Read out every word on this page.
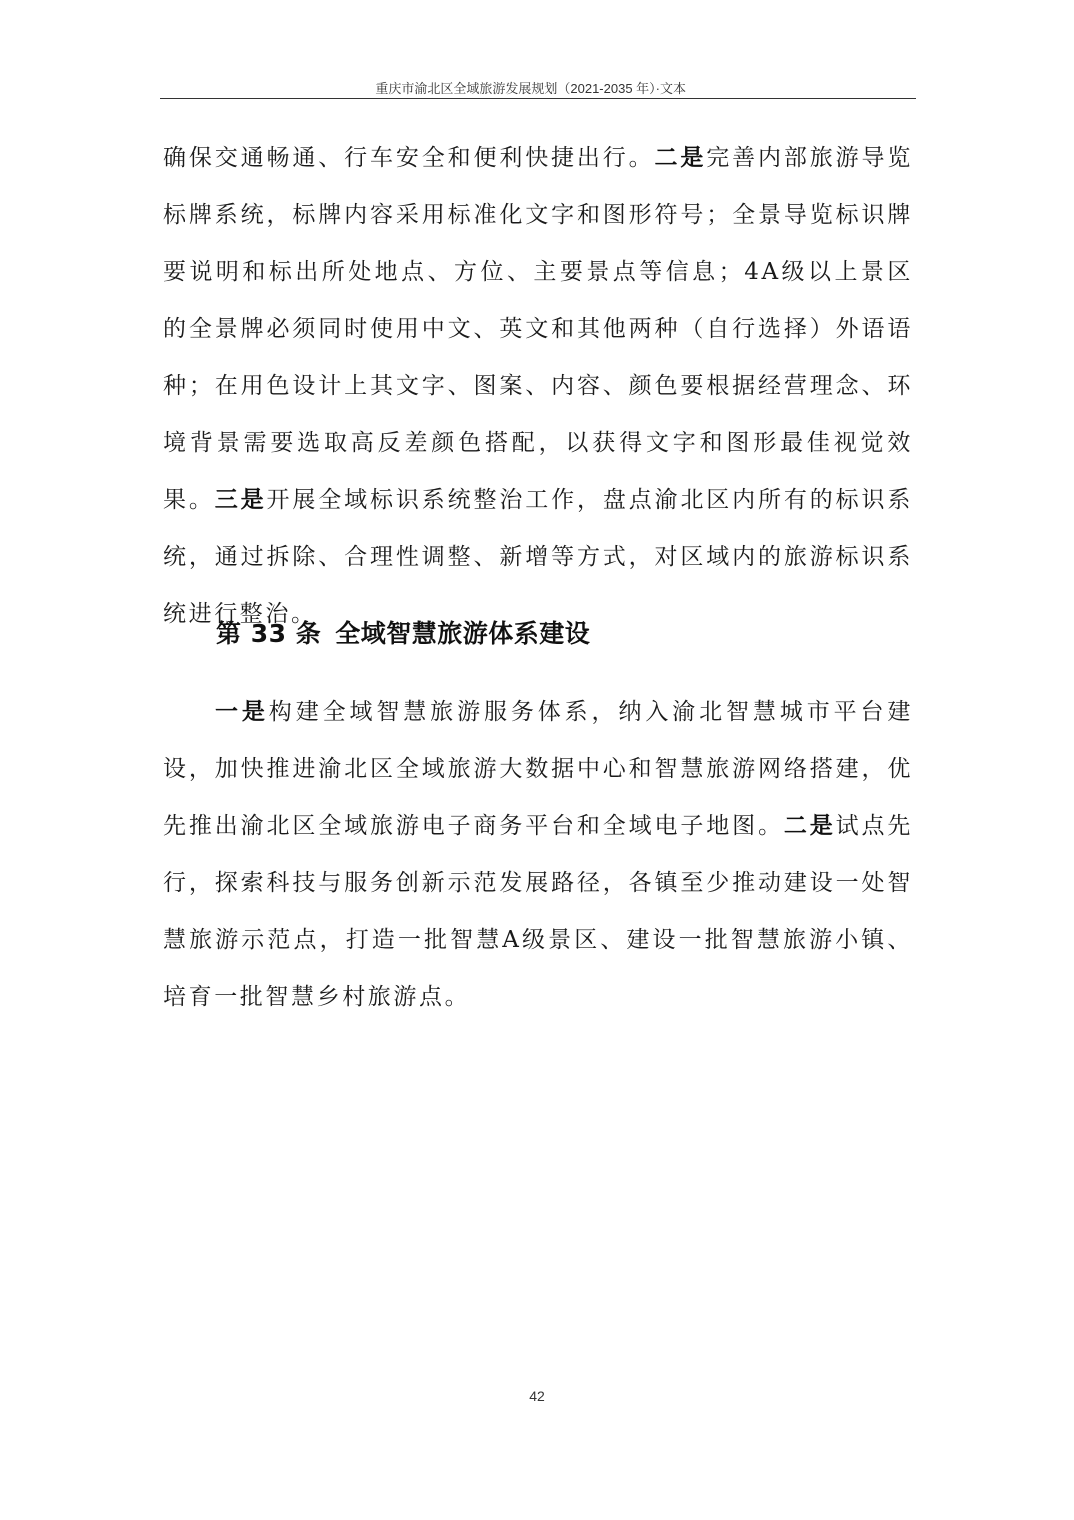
重庆市渝北区全域旅游发展规划（2021-2035 年）·文本

确保交通畅通、行车安全和便利快捷出行。二是完善内部旅游导览标牌系统，标牌内容采用标准化文字和图形符号；全景导览标识牌要说明和标出所处地点、方位、主要景点等信息；4A级以上景区的全景牌必须同时使用中文、英文和其他两种（自行选择）外语语种；在用色设计上其文字、图案、内容、颜色要根据经营理念、环境背景需要选取高反差颜色搭配，以获得文字和图形最佳视觉效果。三是开展全域标识系统整治工作，盘点渝北区内所有的标识系统，通过拆除、合理性调整、新增等方式，对区域内的旅游标识系统进行整治。

第 33 条 全域智慧旅游体系建设

一是构建全域智慧旅游服务体系，纳入渝北智慧城市平台建设，加快推进渝北区全域旅游大数据中心和智慧旅游网络搭建，优先推出渝北区全域旅游电子商务平台和全域电子地图。二是试点先行，探索科技与服务创新示范发展路径，各镇至少推动建设一处智慧旅游示范点，打造一批智慧A级景区、建设一批智慧旅游小镇、培育一批智慧乡村旅游点。

42
